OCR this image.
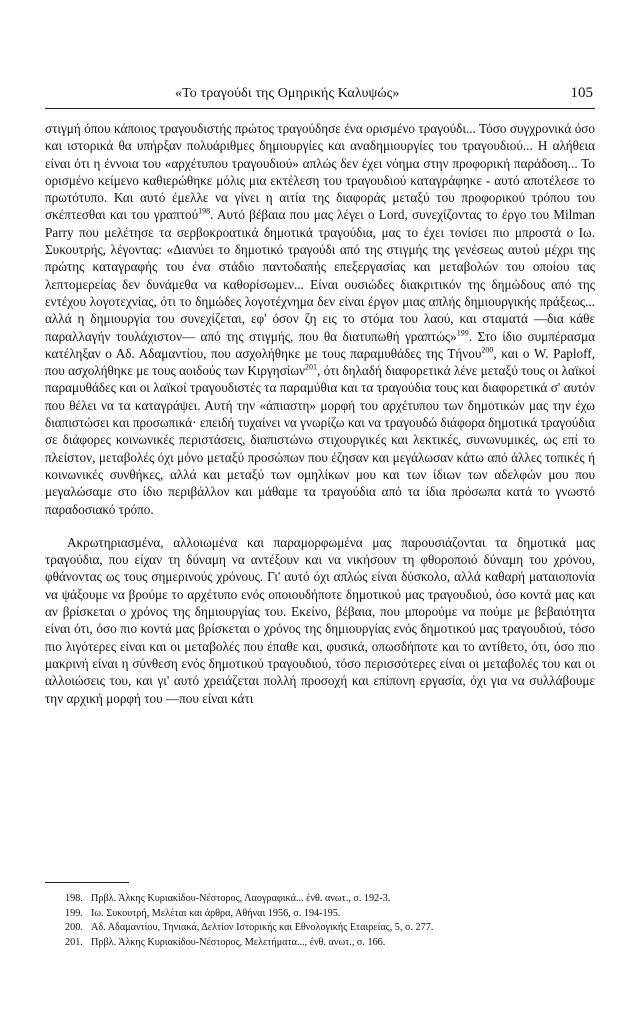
«Το τραγούδι της Ομηρικής Καλυψώς»	105

στιγμή όπου κάποιος τραγουδιστής πρώτος τραγούδησε ένα ορισμένο τραγούδι... Τόσο συγχρονικά όσο και ιστορικά θα υπήρξαν πολυάριθμες δημιουργίες και αναδημιουργίες του τραγουδιού... Η αλήθεια είναι ότι η έννοια του «αρχέτυπου τραγουδιού» απλώς δεν έχει νόημα στην προφορική παράδοση... Το ορισμένο κείμενο καθιερώθηκε μόλις μια εκτέλεση του τραγουδιού καταγράφηκε - αυτό αποτέλεσε το πρωτότυπο. Και αυτό έμελλε να γίνει η αιτία της διαφοράς μεταξύ του προφορικού τρόπου του σκέπτεσθαι και του γραπτού$^{198}$. Αυτό βέβαια που μας λέγει ο Lord, συνεχίζοντας το έργο του Milman Parry που μελέτησε τα σερβοκροατικά δημοτικά τραγούδια, μας το έχει τονίσει πιο μπροστά ο Ιω. Συκουτρής, λέγοντας: «Διανύει το δημοτικό τραγούδι από της στιγμής της γενέσεως αυτού μέχρι της πρώτης καταγραφής του ένα στάδιο παντοδαπής επεξεργασίας και μεταβολών του οποίου τας λεπτομερείας δεν δυνάμεθα να καθορίσωμεν... Είναι ουσιώδες διακριτικόν της δημώδους από της εντέχου λογοτεχνίας, ότι το δημώδες λογοτέχνημα δεν είναι έργον μιας απλής δημιουργικής πράξεως... αλλά η δημιουργία του συνεχίζεται, εφ' όσον ζη εις το στόμα του λαού, και σταματά —δια κάθε παραλλαγήν τουλάχιστον— από της στιγμής, που θα διατυπωθή γραπτώς»$^{199}$. Στο ίδιο συμπέρασμα κατέληξαν ο Αδ. Αδαμαντίου, που ασχολήθηκε με τους παραμυθάδες της Τήνου$^{200}$, και ο W. Paploff, που ασχολήθηκε με τους αοιδούς των Κιργησίων$^{201}$, ότι δηλαδή διαφορετικά λένε μεταξύ τους οι λαϊκοί παραμυθάδες και οι λαϊκοί τραγουδιστές τα παραμύθια και τα τραγούδια τους και διαφορετικά σ' αυτόν που θέλει να τα καταγράψει. Αυτή την «άπιαστη» μορφή του αρχέτυπου των δημοτικών μας την έχω διαπιστώσει και προσωπικά· επειδή τυχαίνει να γνωρίζω και να τραγουδώ διάφορα δημοτικά τραγούδια σε διάφορες κοινωνικές περιστάσεις, διαπιστώνω στιχουργικές και λεκτικές, συνωνυμικές, ως επί το πλείστον, μεταβολές όχι μόνο μεταξύ προσώπων που έζησαν και μεγάλωσαν κάτω από άλλες τοπικές ή κοινωνικές συνθήκες, αλλά και μεταξύ των ομηλίκων μου και των ίδιων των αδελφών μου που μεγαλώσαμε στο ίδιο περιβάλλον και μάθαμε τα τραγούδια από τα ίδια πρόσωπα κατά το γνωστό παραδοσιακό τρόπο.

Ακρωτηριασμένα, αλλοιωμένα και παραμορφωμένα μας παρουσιάζονται τα δημοτικά μας τραγούδια, που είχαν τη δύναμη να αντέξουν και να νικήσουν τη φθοροποιό δύναμη του χρόνου, φθάνοντας ως τους σημερινούς χρόνους. Γι' αυτό όχι απλώς είναι δύσκολο, αλλά καθαρή ματαιοπονία να ψάξουμε να βρούμε το αρχέτυπο ενός οποιουδήποτε δημοτικού μας τραγουδιού, όσο κοντά μας και αν βρίσκεται ο χρόνος της δημιουργίας του. Εκείνο, βέβαια, που μπορούμε να πούμε με βεβαιότητα είναι ότι, όσο πιο κοντά μας βρίσκεται ο χρόνος της δημιουργίας ενός δημοτικού μας τραγουδιού, τόσο πιο λιγότερες είναι και οι μεταβολές που έπαθε και, φυσικά, οπωσδήποτε και το αντίθετο, ότι, όσο πιο μακρινή είναι η σύνθεση ενός δημοτικού τραγουδιού, τόσο περισσότερες είναι οι μεταβολές του και οι αλλοιώσεις του, και γι' αυτό χρειάζεται πολλή προσοχή και επίπονη εργασία, όχι για να συλλάβουμε την αρχική μορφή του —που είναι κάτι

198. Πρβλ. Άλκης Κυριακίδου-Νέστορος, Λαογραφικά... ένθ. ανωτ., σ. 192-3.
199. Ιω. Συκουτρή, Μελέται και άρθρα, Αθήναι 1956, σ. 194-195.
200. Αδ. Αδαμαντίου, Τηνιακά, Δελτίον Ιστορικής και Εθνολογικής Εταιρείας, 5, σ. 277.
201. Πρβλ. Άλκης Κυριακίδου-Νέστορος, Μελετήματα..., ένθ. ανωτ., σ. 166.
